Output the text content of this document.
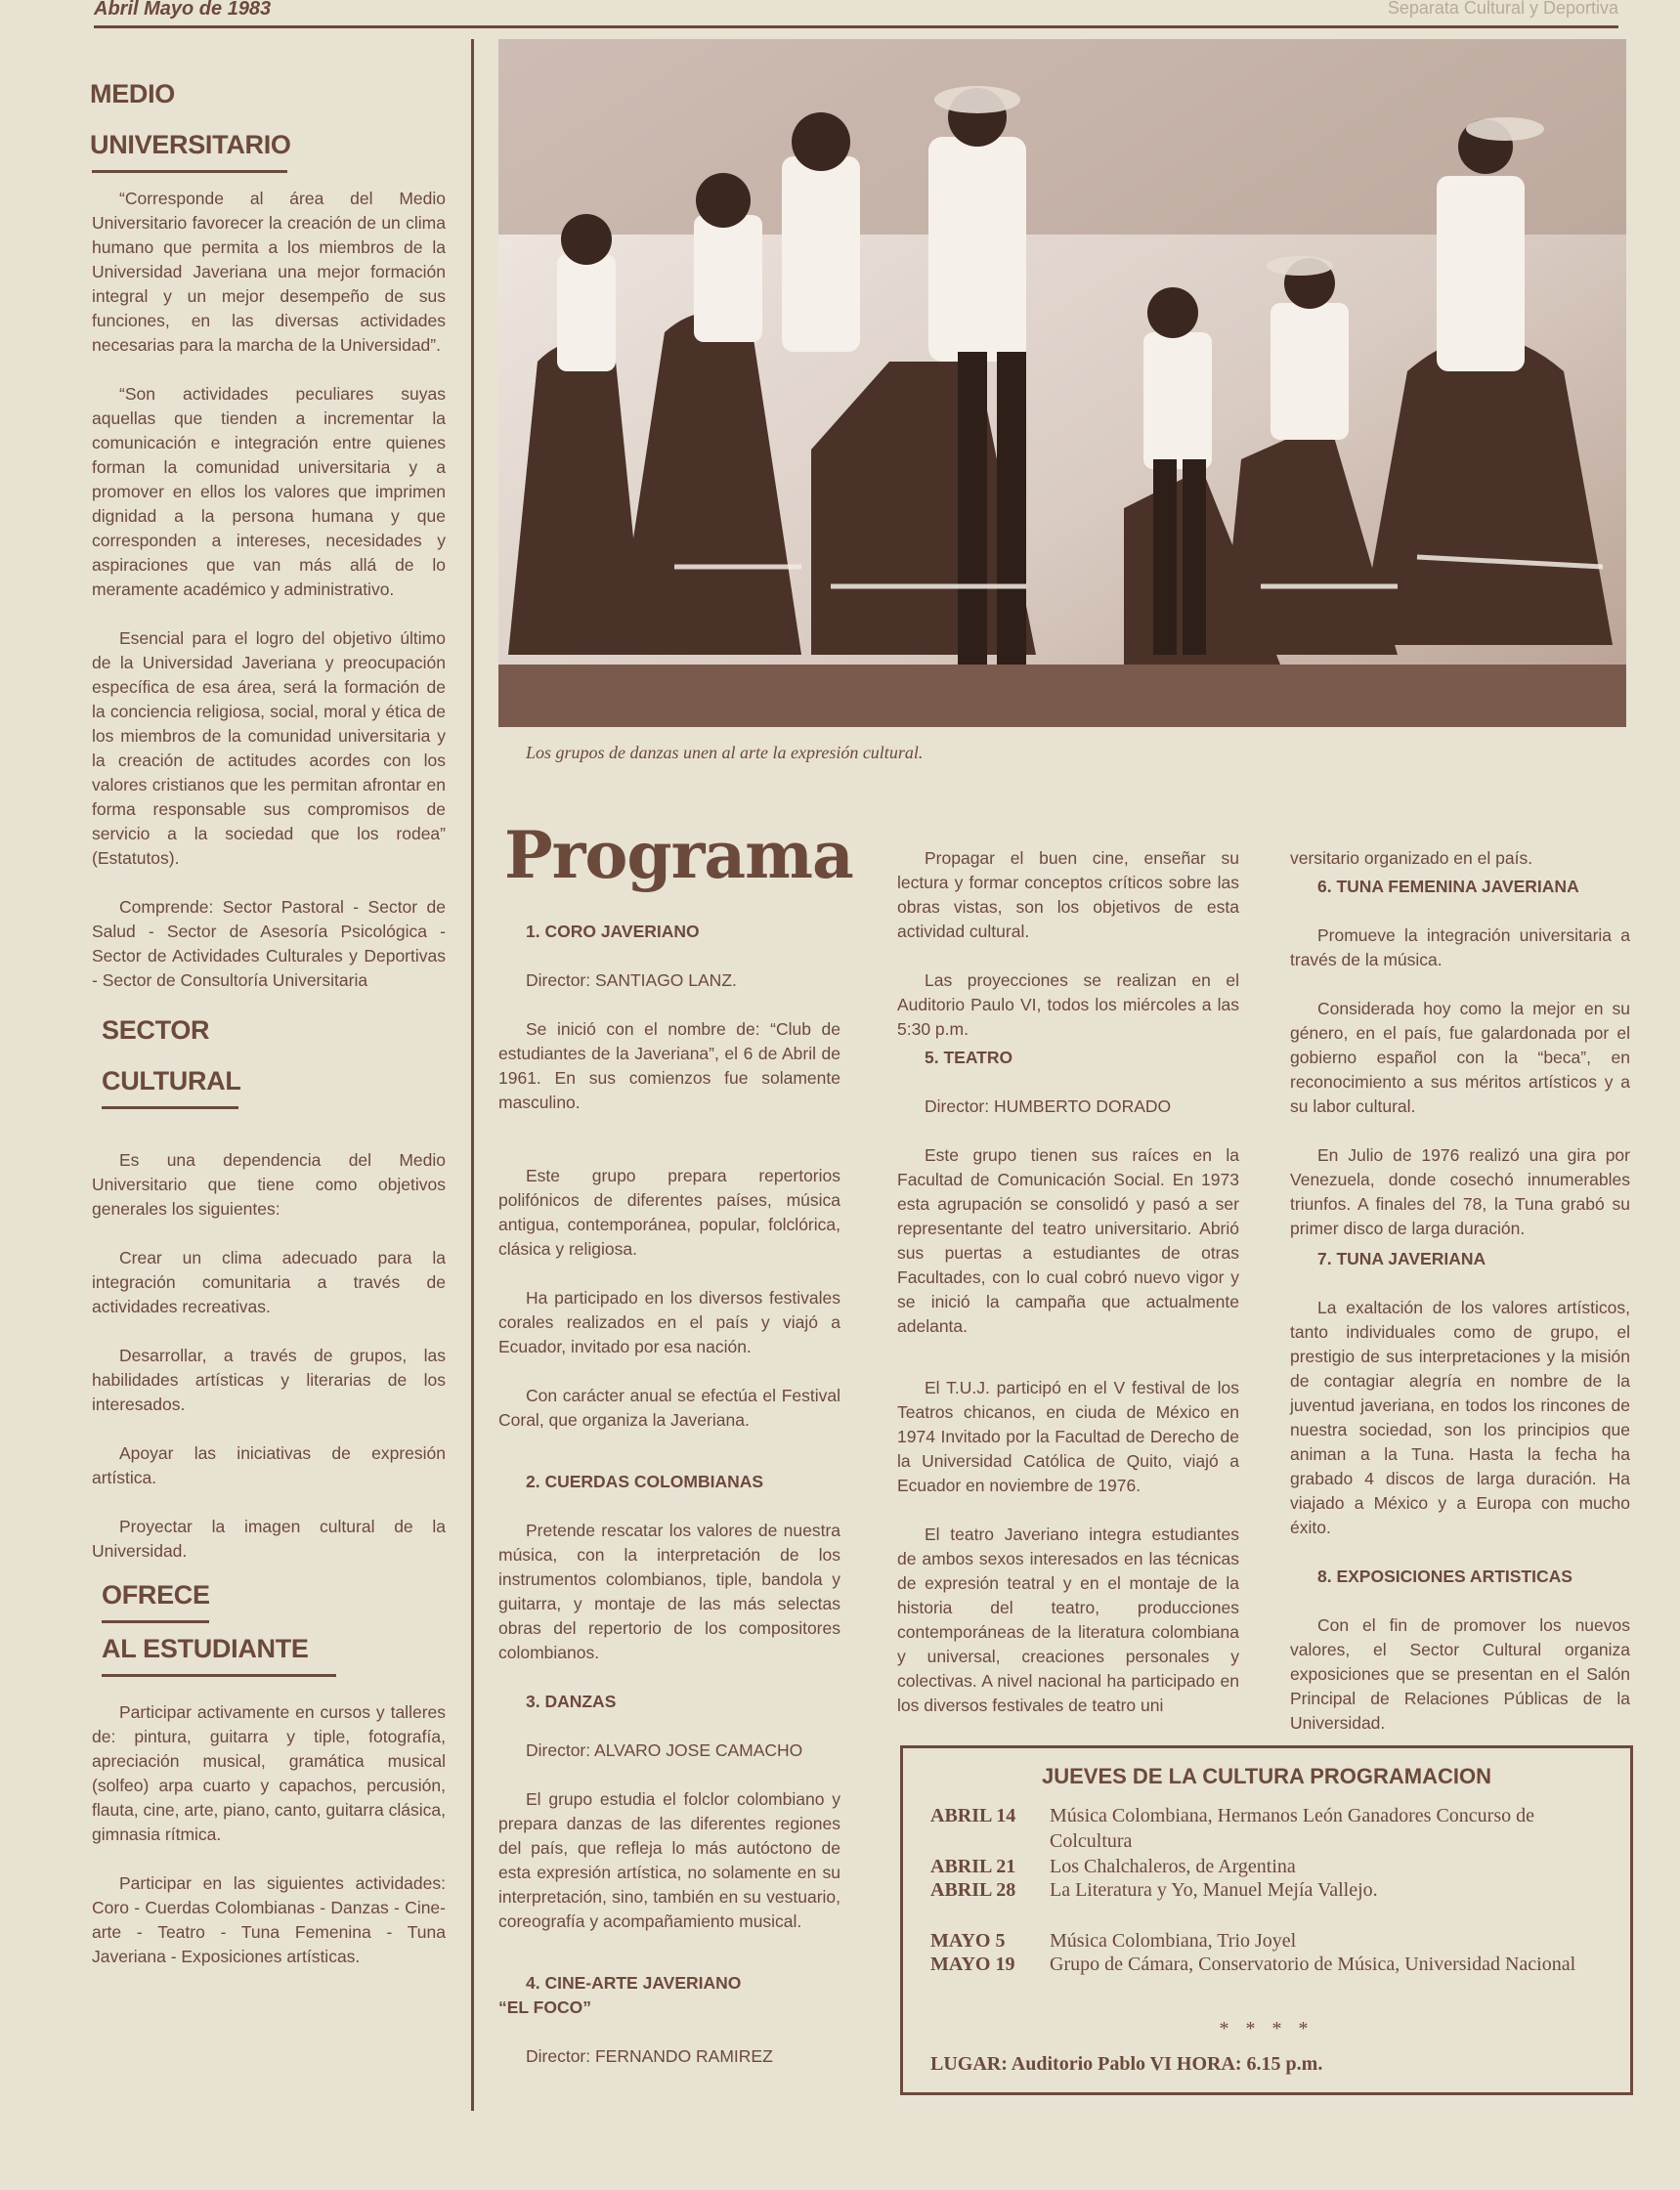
Abril Mayo de 1983	Separata Cultural y Deportiva
MEDIO
UNIVERSITARIO

“Corresponde al área del Medio Universitario favorecer la creación de un clima humano que permita a los miembros de la Universidad Javeriana una mejor formación integral y un mejor desempeño de sus funciones, en las diversas actividades necesarias para la marcha de la Universidad”.

“Son actividades peculiares suyas aquellas que tienden a incrementar la comunicación e integración entre quienes forman la comunidad universitaria y a promover en ellos los valores que imprimen dignidad a la persona humana y que corresponden a intereses, necesidades y aspiraciones que van más allá de lo meramente académico y administrativo.

Esencial para el logro del objetivo último de la Universidad Javeriana y preocupación específica de esa área, será la formación de la conciencia religiosa, social, moral y ética de los miembros de la comunidad universitaria y la creación de actitudes acordes con los valores cristianos que les permitan afrontar en forma responsable sus compromisos de servicio a la sociedad que los rodea” (Estatutos).

Comprende: Sector Pastoral - Sector de Salud - Sector de Asesoría Psicológica - Sector de Actividades Culturales y Deportivas - Sector de Consultoría Universitaria

SECTOR
CULTURAL

Es una dependencia del Medio Universitario que tiene como objetivos generales los siguientes:

Crear un clima adecuado para la integración comunitaria a través de actividades recreativas.

Desarrollar, a través de grupos, las habilidades artísticas y literarias de los interesados.

Apoyar las iniciativas de expresión artística.

Proyectar la imagen cultural de la Universidad.

OFRECE
AL ESTUDIANTE

Participar activamente en cursos y talleres de: pintura, guitarra y tiple, fotografía, apreciación musical, gramática musical (solfeo) arpa cuarto y capachos, percusión, flauta, cine, arte, piano, canto, guitarra clásica, gimnasia rítmica.

Participar en las siguientes actividades: Coro - Cuerdas Colombianas - Danzas - Cine-arte - Teatro - Tuna Femenina - Tuna Javeriana - Exposiciones artísticas.

Los grupos de danzas unen al arte la expresión cultural.
Programa

1. CORO JAVERIANO

Director: SANTIAGO LANZ.

Se inició con el nombre de: “Club de estudiantes de la Javeriana”, el 6 de Abril de 1961. En sus comienzos fue solamente masculino.

Este grupo prepara repertorios polifónicos de diferentes países, música antigua, contemporánea, popular, folclórica, clásica y religiosa.

Ha participado en los diversos festivales corales realizados en el país y viajó a Ecuador, invitado por esa nación.

Con carácter anual se efectúa el Festival Coral, que organiza la Javeriana.

2. CUERDAS COLOMBIANAS

Pretende rescatar los valores de nuestra música, con la interpretación de los instrumentos colombianos, tiple, bandola y guitarra, y montaje de las más selectas obras del repertorio de los compositores colombianos.

3. DANZAS

Director: ALVARO JOSE CAMACHO

El grupo estudia el folclor colombiano y prepara danzas de las diferentes regiones del país, que refleja lo más autóctono de esta expresión artística, no solamente en su interpretación, sino, también en su vestuario, coreografía y acompañamiento musical.

4. CINE-ARTE JAVERIANO “EL FOCO”

Director: FERNANDO RAMIREZ

Propagar el buen cine, enseñar su lectura y formar conceptos críticos sobre las obras vistas, son los objetivos de esta actividad cultural.

Las proyecciones se realizan en el Auditorio Paulo VI, todos los miércoles a las 5:30 p.m.

5. TEATRO

Director: HUMBERTO DORADO

Este grupo tienen sus raíces en la Facultad de Comunicación Social. En 1973 esta agrupación se consolidó y pasó a ser representante del teatro universitario. Abrió sus puertas a estudiantes de otras Facultades, con lo cual cobró nuevo vigor y se inició la campaña que actualmente adelanta.

El T.U.J. participó en el V festival de los Teatros chicanos, en ciuda de México en 1974 Invitado por la Facultad de Derecho de la Universidad Católica de Quito, viajó a Ecuador en noviembre de 1976.

El teatro Javeriano integra estudiantes de ambos sexos interesados en las técnicas de expresión teatral y en el montaje de la historia del teatro, producciones contemporáneas de la literatura colombiana y universal, creaciones personales y colectivas. A nivel nacional ha participado en los diversos festivales de teatro uni

versitario organizado en el país.

6. TUNA FEMENINA JAVERIANA

Promueve la integración universitaria a través de la música.

Considerada hoy como la mejor en su género, en el país, fue galardonada por el gobierno español con la “beca”, en reconocimiento a sus méritos artísticos y a su labor cultural.

En Julio de 1976 realizó una gira por Venezuela, donde cosechó innumerables triunfos. A finales del 78, la Tuna grabó su primer disco de larga duración.

7. TUNA JAVERIANA

La exaltación de los valores artísticos, tanto individuales como de grupo, el prestigio de sus interpretaciones y la misión de contagiar alegría en nombre de la juventud javeriana, en todos los rincones de nuestra sociedad, son los principios que animan a la Tuna. Hasta la fecha ha grabado 4 discos de larga duración. Ha viajado a México y a Europa con mucho éxito.

8. EXPOSICIONES ARTISTICAS

Con el fin de promover los nuevos valores, el Sector Cultural organiza exposiciones que se presentan en el Salón Principal de Relaciones Públicas de la Universidad.

JUEVES DE LA CULTURA PROGRAMACION
ABRIL 14 Música Colombiana, Hermanos León Ganadores Concurso de Colcultura
ABRIL 21 Los Chalchaleros, de Argentina
ABRIL 28 La Literatura y Yo, Manuel Mejía Vallejo.
MAYO 5 Música Colombiana, Trio Joyel
MAYO 19 Grupo de Cámara, Conservatorio de Música, Universidad Nacional
* * * *
LUGAR: Auditorio Pablo VI HORA: 6.15 p.m.
